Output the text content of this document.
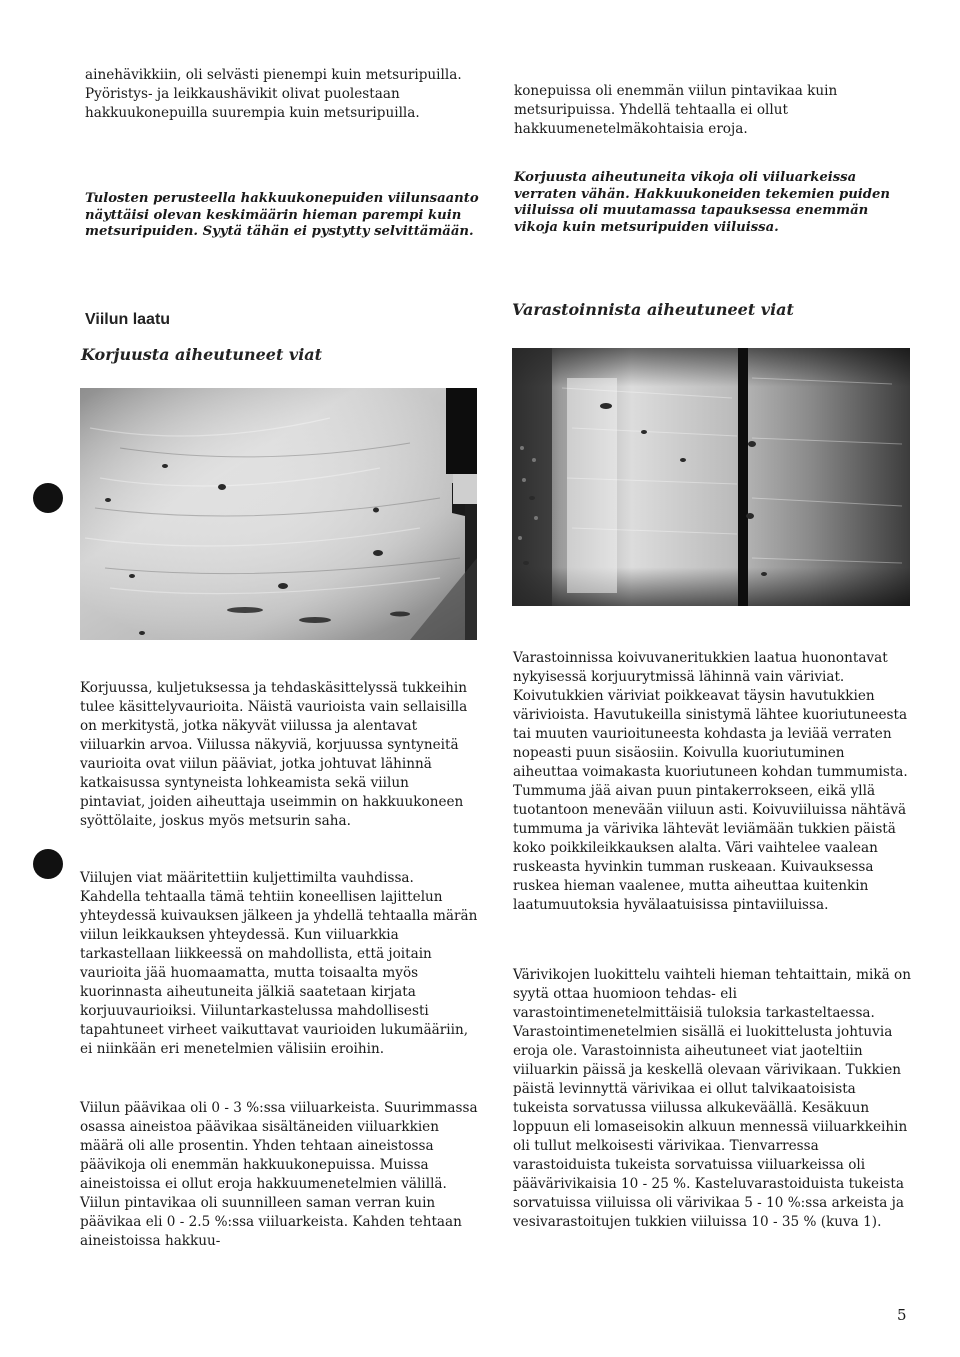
ainehävikkiin, oli selvästi pienempi kuin metsuripuilla. Pyöristys- ja leikkaushävikit olivat puolestaan hakkuukonepuilla suurempia kuin metsuripuilla.

Tulosten perusteella hakkuukonepuiden viilunsaanto näyttäisi olevan keskimäärin hieman parempi kuin metsuripuiden. Syytä tähän ei pystytty selvittämään.

Viilun laatu
Korjuusta aiheutuneet viat

Korjuussa, kuljetuksessa ja tehdaskäsittelyssä tukkeihin tulee käsittelyvaurioita. Näistä vaurioista vain sellaisilla on merkitystä, jotka näkyvät viilussa ja alentavat viiluarkin arvoa. Viilussa näkyviä, korjuussa syntyneitä vaurioita ovat viilun pääviat, jotka johtuvat lähinnä katkaisussa syntyneista lohkeamista sekä viilun pintaviat, joiden aiheuttaja useimmin on hakkuukoneen syöttölaite, joskus myös metsurin saha.

Viilujen viat määritettiin kuljettimilta vauhdissa. Kahdella tehtaalla tämä tehtiin koneellisen lajittelun yhteydessä kuivauksen jälkeen ja yhdellä tehtaalla märän viilun leikkauksen yhteydessä. Kun viiluarkkia tarkastellaan liikkeessä on mahdollista, että joitain vaurioita jää huomaamatta, mutta toisaalta myös kuorinnasta aiheutuneita jälkiä saatetaan kirjata korjuuvaurioiksi. Viiluntarkastelussa mahdollisesti tapahtuneet virheet vaikuttavat vaurioiden lukumääriin, ei niinkään eri menetelmien välisiin eroihin.

Viilun päävikaa oli 0 - 3 %:ssa viiluarkeista. Suurimmassa osassa aineistoa päävikaa sisältäneiden viiluarkkien määrä oli alle prosentin. Yhden tehtaan aineistossa päävikoja oli enemmän hakkuukonepuissa. Muissa aineistoissa ei ollut eroja hakkuumenetelmien välillä. Viilun pintavikaa oli suunnilleen saman verran kuin päävikaa eli 0 - 2.5 %:ssa viiluarkeista. Kahden tehtaan aineistoissa hakkuu-

konepuissa oli enemmän viilun pintavikaa kuin metsuripuissa. Yhdellä tehtaalla ei ollut hakkuumenetelmäkohtaisia eroja.

Korjuusta aiheutuneita vikoja oli viiluarkeissa verraten vähän. Hakkuukoneiden tekemien puiden viiluissa oli muutamassa tapauksessa enemmän vikoja kuin metsuripuiden viiluissa.

Varastoinnista aiheutuneet viat

Varastoinnissa koivuvaneritukkien laatua huonontavat nykyisessä korjuurytmissä lähinnä vain väriviat. Koivutukkien väriviat poikkeavat täysin havutukkien värivioista. Havutukeilla sinistymä lähtee kuoriutuneesta tai muuten vaurioituneesta kohdasta ja leviää verraten nopeasti puun sisäosiin. Koivulla kuoriutuminen aiheuttaa voimakasta kuoriutuneen kohdan tummumista. Tummuma jää aivan puun pintakerrokseen, eikä yllä tuotantoon menevään viiluun asti. Koivuviiluissa nähtävä tummuma ja värivika lähtevät leviämään tukkien päistä koko poikkileikkauksen alalta. Väri vaihtelee vaalean ruskeasta hyvinkin tumman ruskeaan. Kuivauksessa ruskea hieman vaalenee, mutta aiheuttaa kuitenkin laatumuutoksia hyvälaatuisissa pintaviiluissa.

Värivikojen luokittelu vaihteli hieman tehtaittain, mikä on syytä ottaa huomioon tehdas- eli varastointimenetelmittäisiä tuloksia tarkasteltaessa. Varastointimenetelmien sisällä ei luokittelusta johtuvia eroja ole. Varastoinnista aiheutuneet viat jaoteltiin viiluarkin päissä ja keskellä olevaan värivikaan. Tukkien päistä levinnyttä värivikaa ei ollut talvikaatoisista tukeista sorvatussa viilussa alkukeväällä. Kesäkuun loppuun eli lomaseisokin alkuun mennessä viiluarkkeihin oli tullut melkoisesti värivikaa. Tienvarressa varastoiduista tukeista sorvatuissa viiluarkeissa oli päävärivikaisia 10 - 25 %. Kasteluvarastoiduista tukeista sorvatuissa viiluissa oli värivikaa 5 - 10 %:ssa arkeista ja vesivarastoitujen tukkien viiluissa 10 - 35 % (kuva 1).

5
